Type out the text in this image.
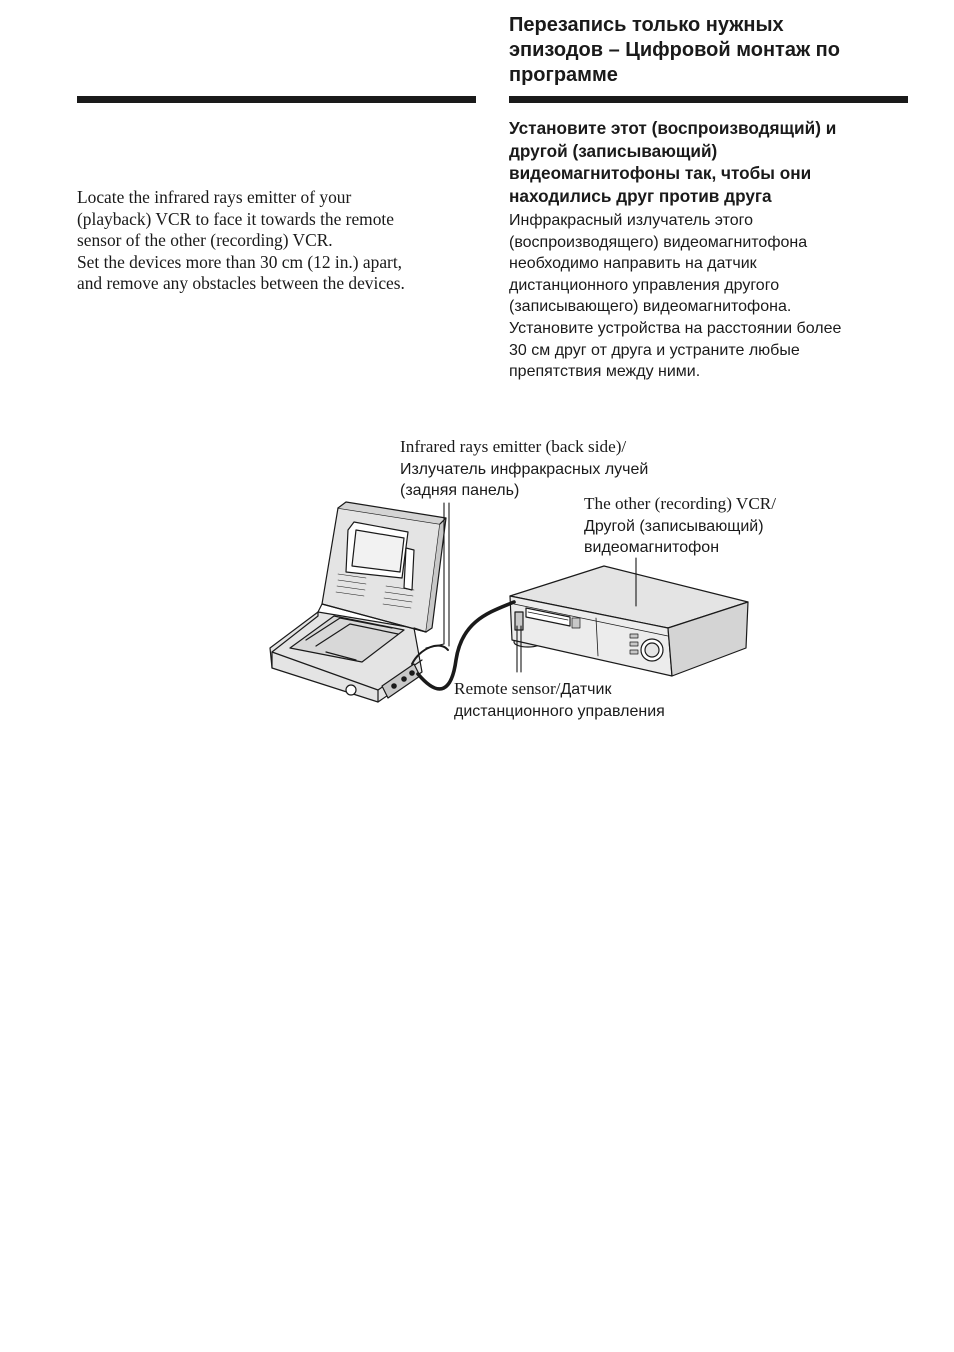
Перезапись только нужных
эпизодов – Цифровой монтаж по
программе

Locate the infrared rays emitter of your
(playback) VCR to face it towards the remote
sensor of the other (recording) VCR.

Set the devices more than 30 cm (12 in.) apart,
and remove any obstacles between the devices.

Установите этот (воспроизводящий) и
другой (записывающий)
видеомагнитофоны так, чтобы они
находились друг против друга

Инфракрасный излучатель этого
(воспроизводящего) видеомагнитофона
необходимо направить на датчик
дистанционного управления другого
(записывающего) видеомагнитофона.
Установите устройства на расстоянии более
30 см друг от друга и устраните любые
препятствия между ними.

Infrared rays emitter (back side)/
Излучатель инфракрасных лучей
(задняя панель)
The other (recording) VCR/
Другой (записывающий)
видеомагнитофон
Remote sensor/Датчик
дистанционного управления
